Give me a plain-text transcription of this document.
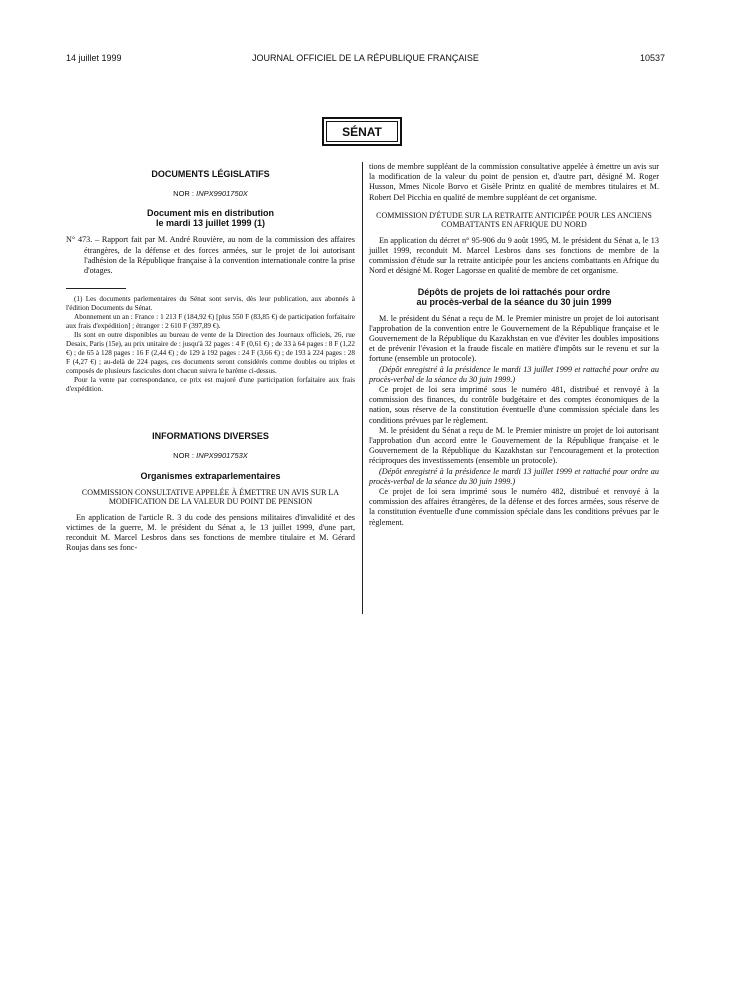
14 juillet 1999	JOURNAL OFFICIEL DE LA RÉPUBLIQUE FRANÇAISE	10537
SÉNAT
DOCUMENTS LÉGISLATIFS
NOR : INPX9901750X
Document mis en distribution
le mardi 13 juillet 1999 (1)

N° 473. – Rapport fait par M. André Rouvière, au nom de la commission des affaires étrangères, de la défense et des forces armées, sur le projet de loi autorisant l'adhésion de la République française à la convention internationale contre la prise d'otages.

(1) Les documents parlementaires du Sénat sont servis, dès leur publication, aux abonnés à l'édition Documents du Sénat.

Abonnement un an : France : 1 213 F (184,92 €) [plus 550 F (83,85 €) de participation forfaitaire aux frais d'expédition] ; étranger : 2 610 F (397,89 €).

Ils sont en outre disponibles au bureau de vente de la Direction des Journaux officiels, 26, rue Desaix, Paris (15e), au prix unitaire de : jusqu'à 32 pages : 4 F (0,61 €) ; de 33 à 64 pages : 8 F (1,22 €) ; de 65 à 128 pages : 16 F (2,44 €) ; de 129 à 192 pages : 24 F (3,66 €) ; de 193 à 224 pages : 28 F (4,27 €) ; au-delà de 224 pages, ces documents seront considérés comme doubles ou triples et composés de plusieurs fascicules dont chacun suivra le barème ci-dessus.

Pour la vente par correspondance, ce prix est majoré d'une participation forfaitaire aux frais d'expédition.

INFORMATIONS DIVERSES
NOR : INPX9901753X
Organismes extraparlementaires
COMMISSION CONSULTATIVE APPELÉE À ÉMETTRE UN AVIS SUR LA MODIFICATION DE LA VALEUR DU POINT DE PENSION

En application de l'article R. 3 du code des pensions militaires d'invalidité et des victimes de la guerre, M. le président du Sénat a, le 13 juillet 1999, d'une part, reconduit M. Marcel Lesbros dans ses fonctions de membre titulaire et M. Gérard Roujas dans ses fonc-

tions de membre suppléant de la commission consultative appelée à émettre un avis sur la modification de la valeur du point de pension et, d'autre part, désigné M. Roger Husson, Mmes Nicole Borvo et Gisèle Printz en qualité de membres titulaires et M. Robert Del Picchia en qualité de membre suppléant de cet organisme.

COMMISSION D'ÉTUDE SUR LA RETRAITE ANTICIPÉE POUR LES ANCIENS COMBATTANTS EN AFRIQUE DU NORD

En application du décret n° 95-906 du 9 août 1995, M. le président du Sénat a, le 13 juillet 1999, reconduit M. Marcel Lesbros dans ses fonctions de membre de la commission d'étude sur la retraite anticipée pour les anciens combattants en Afrique du Nord et désigné M. Roger Lagorsse en qualité de membre de cet organisme.

Dépôts de projets de loi rattachés pour ordre
au procès-verbal de la séance du 30 juin 1999

M. le président du Sénat a reçu de M. le Premier ministre un projet de loi autorisant l'approbation de la convention entre le Gouvernement de la République française et le Gouvernement de la République du Kazakhstan en vue d'éviter les doubles impositions et de prévenir l'évasion et la fraude fiscale en matière d'impôts sur le revenu et sur la fortune (ensemble un protocole).

(Dépôt enregistré à la présidence le mardi 13 juillet 1999 et rattaché pour ordre au procès-verbal de la séance du 30 juin 1999.)

Ce projet de loi sera imprimé sous le numéro 481, distribué et renvoyé à la commission des finances, du contrôle budgétaire et des comptes économiques de la nation, sous réserve de la constitution éventuelle d'une commission spéciale dans les conditions prévues par le règlement.

M. le président du Sénat a reçu de M. le Premier ministre un projet de loi autorisant l'approbation d'un accord entre le Gouvernement de la République française et le Gouvernement de la République du Kazakhstan sur l'encouragement et la protection réciproques des investissements (ensemble un protocole).

(Dépôt enregistré à la présidence le mardi 13 juillet 1999 et rattaché pour ordre au procès-verbal de la séance du 30 juin 1999.)

Ce projet de loi sera imprimé sous le numéro 482, distribué et renvoyé à la commission des affaires étrangères, de la défense et des forces armées, sous réserve de la constitution éventuelle d'une commission spéciale dans les conditions prévues par le règlement.
